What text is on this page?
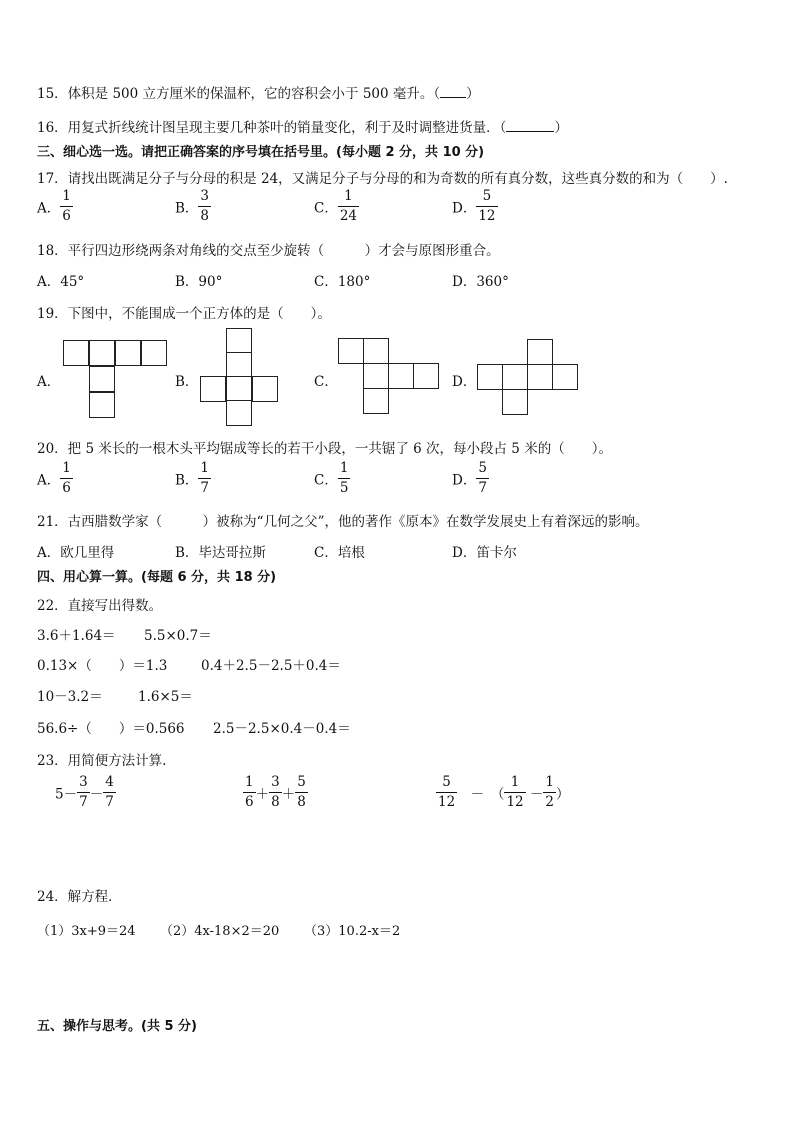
15．体积是 500 立方厘米的保温杯，它的容积会小于 500 毫升。（ ）
16．用复式折线统计图呈现主要几种茶叶的销量变化，利于及时调整进货量．（	）
三、细心选一选。请把正确答案的序号填在括号里。(每小题 2 分，共 10 分)
17．请找出既满足分子与分母的积是 24，又满足分子与分母的和为奇数的所有真分数，这些真分数的和为（　　）.
A． $\frac{1}{6}$	B． $\frac{3}{8}$	C． $\frac{1}{24}$	D． $\frac{5}{12}$
18．平行四边形绕两条对角线的交点至少旋转（　　　）才会与原图形重合。
A．45°	B．90°	C．180°	D．360°
19．下图中，不能围成一个正方体的是（　　）。
A．	B．	C．	D．
20．把 5 米长的一根木头平均锯成等长的若干小段，一共锯了 6 次，每小段占 5 米的（　　）。
A． $\frac{1}{6}$	B． $\frac{1}{7}$	C． $\frac{1}{5}$	D． $\frac{5}{7}$
21．古西腊数学家（　　　）被称为“几何之父”，他的著作《原本》在数学发展史上有着深远的影响。
A．欧几里得	B．毕达哥拉斯	C．培根	D．笛卡尔
四、用心算一算。(每题 6 分，共 18 分)
22．直接写出得数。
3.6＋1.64＝ 5.5×0.7＝
0.13×（　　）＝1.3 0.4＋2.5－2.5＋0.4＝
10－3.2＝	1.6×5＝
56.6÷（　　）＝0.566 2.5－2.5×0.4－0.4＝
23．用简便方法计算.
$5- \frac{3}{7} - \frac{4}{7}$	$\frac{1}{6} + \frac{3}{8} + \frac{5}{8}$	$\frac{5}{12}$ 　－　（ $\frac{1}{12} - \frac{1}{2}$ ）
24．解方程．
（1）3x+9＝24 （2）4x-18×2＝20 （3）10.2-x＝2
五、操作与思考。(共 5 分)
